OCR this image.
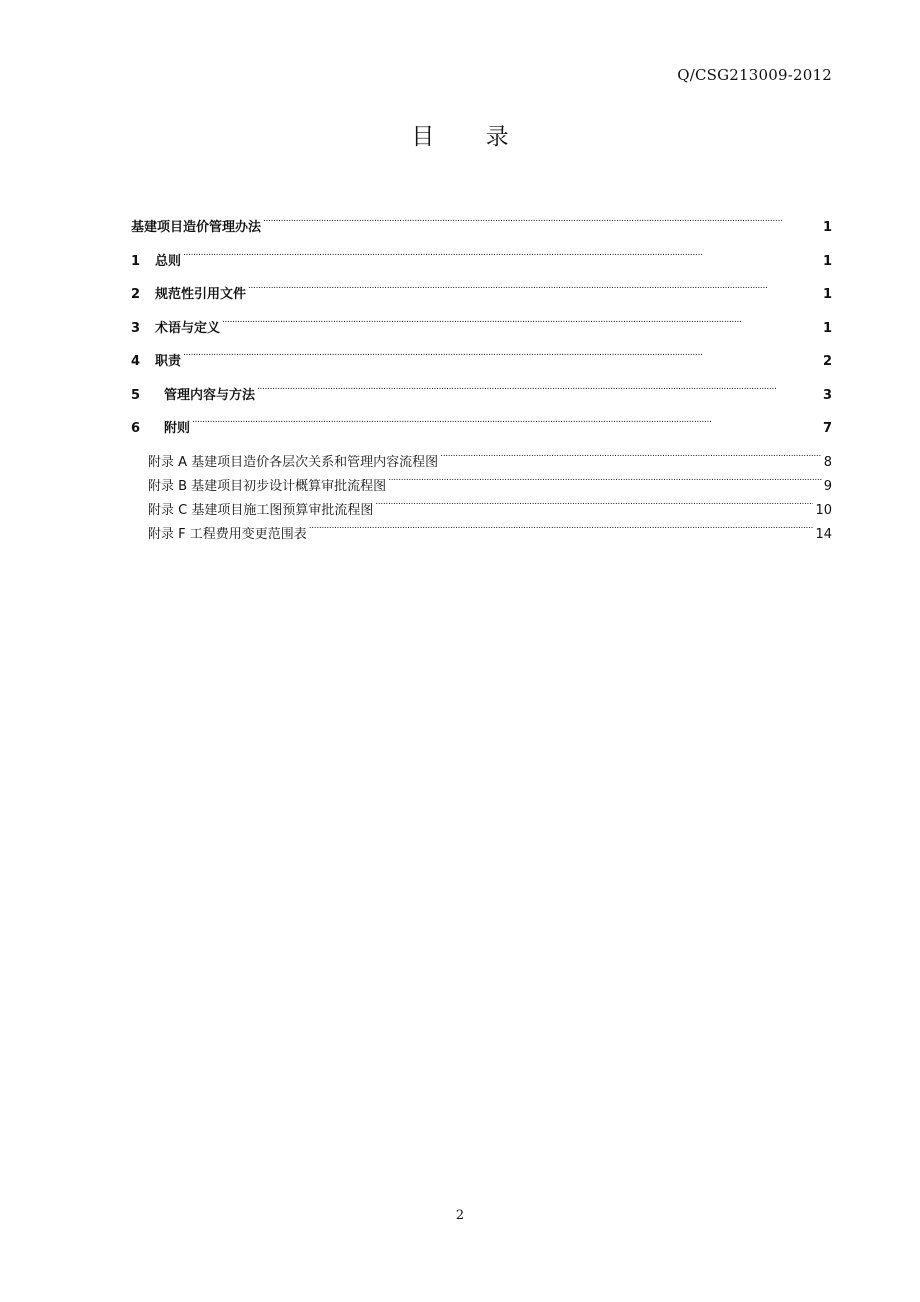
Q/CSG213009-2012
目 录
基建项目造价管理办法 . . .	1
1	总则 . . .	1
2	规范性引用文件 . . .	1
3	术语与定义 . . .	1
4	职责 . . .	2
5	管理内容与方法 . . .	3
6	附则 . . .	7
附录 A 基建项目造价各层次关系和管理内容流程图 . . .	8
附录 B 基建项目初步设计概算审批流程图 . . .	9
附录 C 基建项目施工图预算审批流程图 . . .	10
附录 F 工程费用变更范围表 . . .	14
2
